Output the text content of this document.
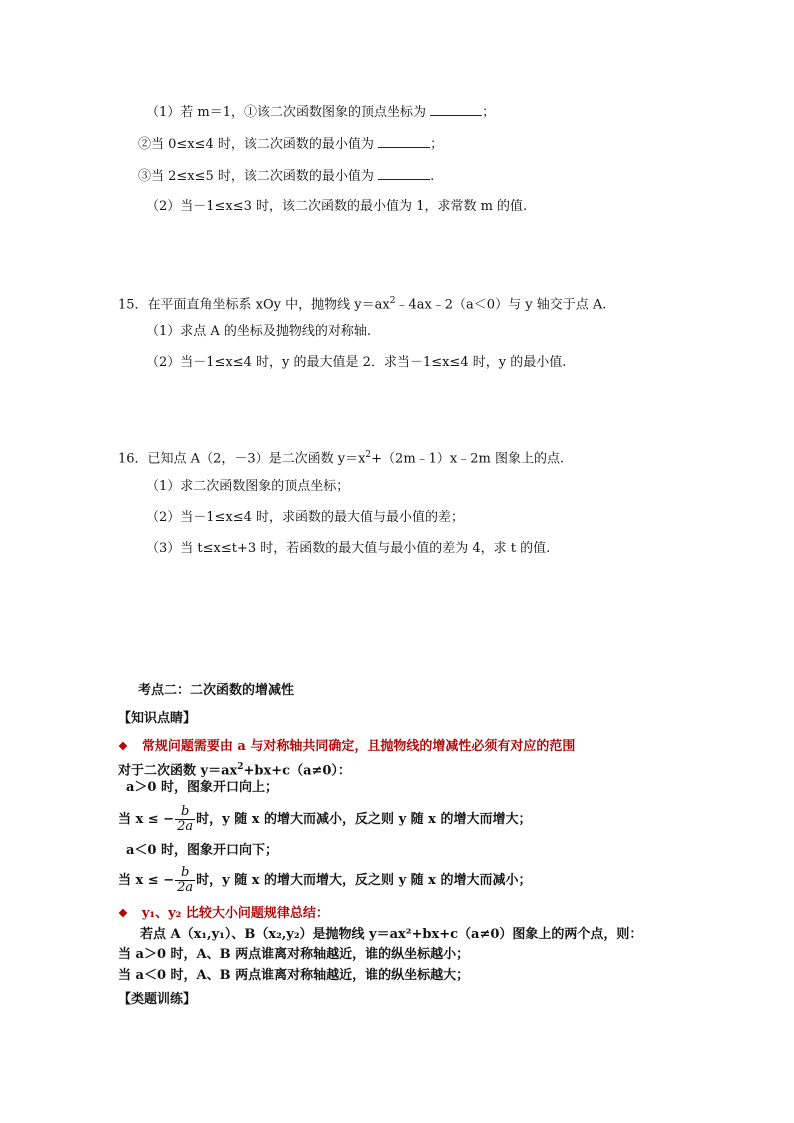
（1）若 m＝1，①该二次函数图象的顶点坐标为	；
②当 0≤x≤4 时，该二次函数的最小值为	；
③当 2≤x≤5 时，该二次函数的最小值为	.
（2）当－1≤x≤3 时，该二次函数的最小值为 1，求常数 m 的值.
15．在平面直角坐标系 xOy 中，抛物线 $y=ax^2﹣4ax﹣2(a<0)$与 y 轴交于点 A.
（1）求点 A 的坐标及抛物线的对称轴.
（2）当－1≤x≤4 时，y 的最大值是 2．求当－1≤x≤4 时，y 的最小值.
16．已知点 A（2，－3）是二次函数 $y=x^2+(2m﹣1)x﹣2m$ 图象上的点.
（1）求二次函数图象的顶点坐标；
（2）当－1≤x≤4 时，求函数的最大值与最小值的差；
（3）当 t≤x≤t+3 时，若函数的最大值与最小值的差为 4，求 t 的值.
考点二：二次函数的增减性
【知识点睛】
❖ 常规问题需要由 a 与对称轴共同确定，且抛物线的增减性必须有对应的范围
对于二次函数 $y=ax^2+bx+c(a\ne 0)$：
a＞0 时，图象开口向上；
当 x ≤ − $\frac{b}{2a}$ 时，y 随 x 的增大而减小，反之则 y 随 x 的增大而增大；
a＜0 时，图象开口向下；
当 x ≤ − $\frac{b}{2a}$ 时，y 随 x 的增大而增大，反之则 y 随 x 的增大而减小；
❖ y₁、y₂ 比较大小问题规律总结：
若点 A（x₁,y₁）、B（x₂,y₂）是抛物线 y＝ax²+bx+c（a≠0）图象上的两个点，则：
当 a＞0 时，A、B 两点谁离对称轴越近，谁的纵坐标越小；
当 a＜0 时，A、B 两点谁离对称轴越近，谁的纵坐标越大；
【类题训练】
